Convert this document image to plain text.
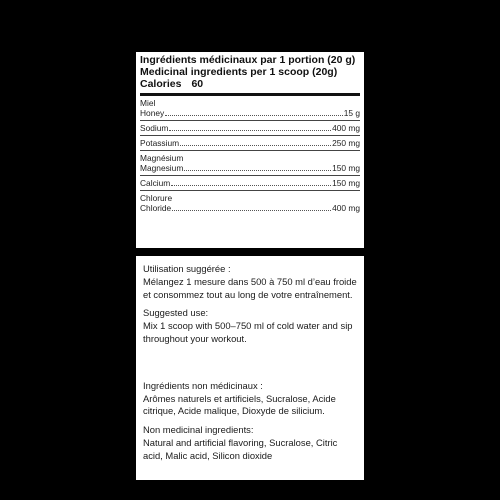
Ingrédients médicinaux par 1 portion (20 g)
Medicinal ingredients per 1 scoop (20g)
Calories 60
Miel
Honey	15 g
Sodium	400 mg
Potassium	250 mg
Magnésium
Magnesium	150 mg
Calcium	150 mg
Chlorure
Chloride	400 mg
Utilisation suggérée :
Mélangez 1 mesure dans 500 à 750 ml d’eau froide et consommez tout au long de votre entraînement.
Suggested use:
Mix 1 scoop with 500–750 ml of cold water and sip throughout your workout.
Ingrédients non médicinaux :
Arômes naturels et artificiels, Sucralose, Acide citrique, Acide malique, Dioxyde de silicium.
Non medicinal ingredients:
Natural and artificial flavoring, Sucralose, Citric acid, Malic acid, Silicon dioxide
